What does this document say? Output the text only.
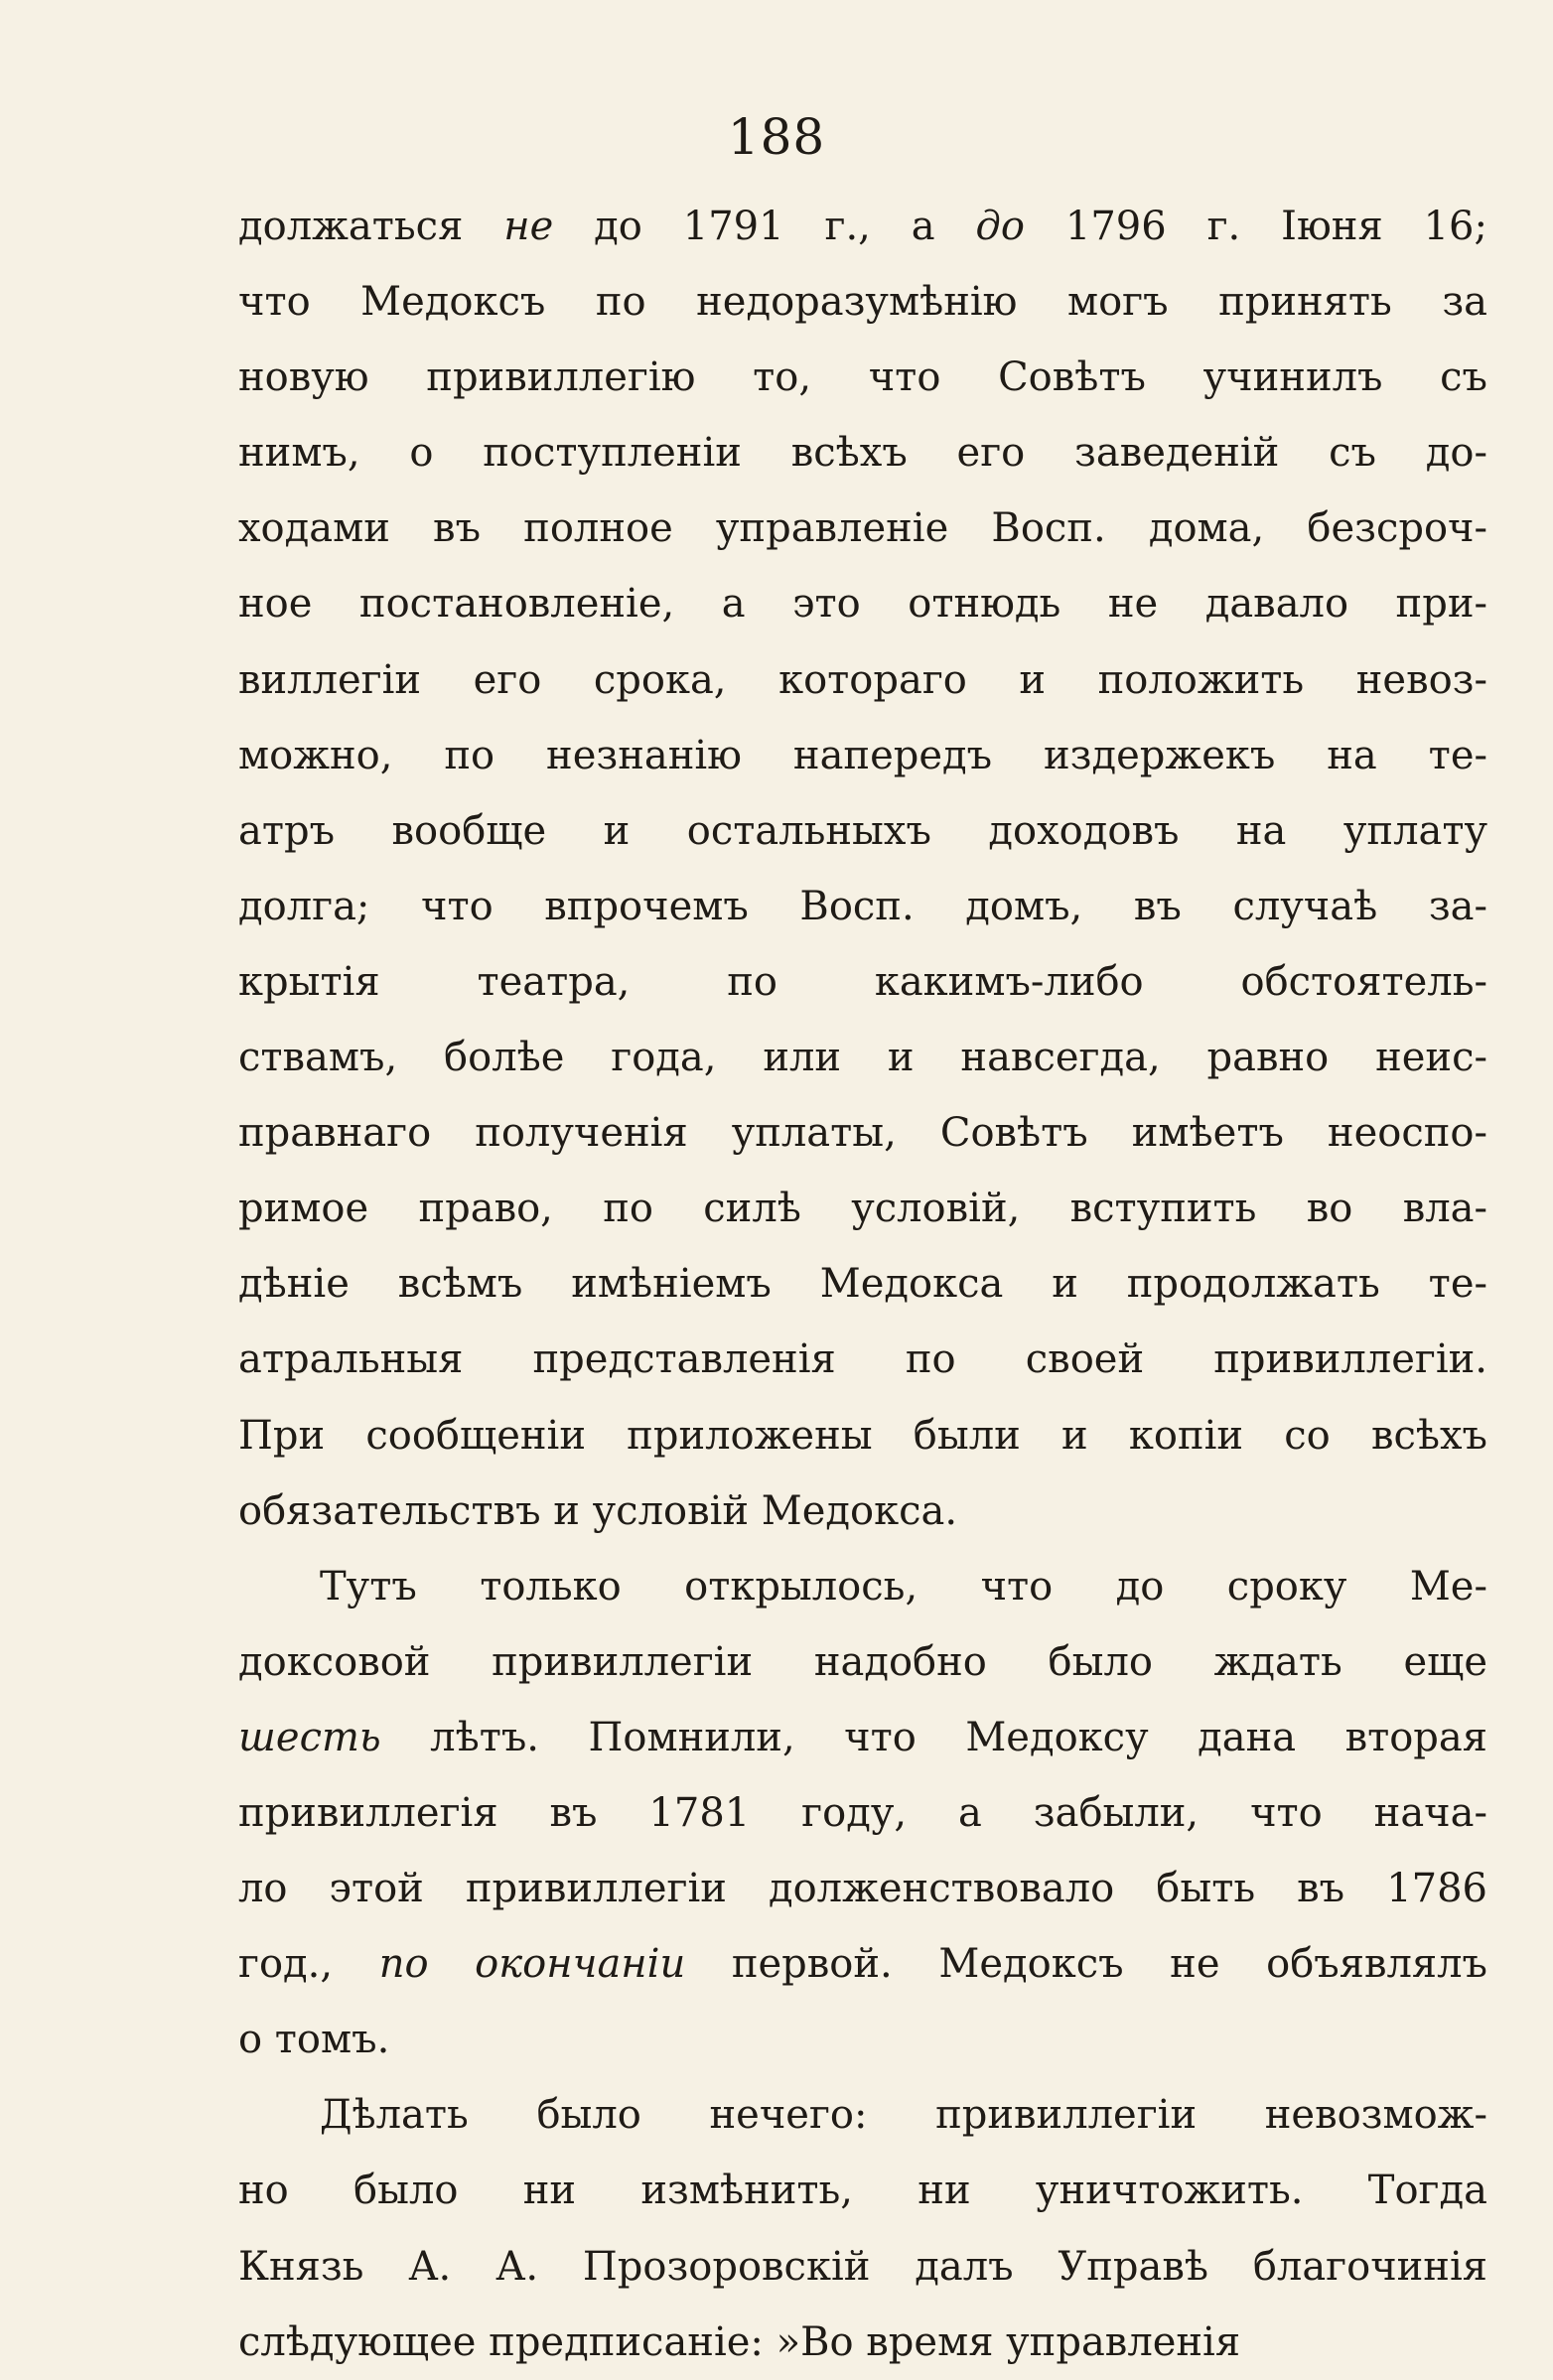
188
должаться не до 1791 г., а до 1796 г. Іюня 16;
что Медоксъ по недоразумѣнію могъ принять за
новую привиллегію то, что Совѣтъ учинилъ съ
нимъ, о поступленіи всѣхъ его заведеній съ до-
ходами въ полное управленіе Восп. дома, безсроч-
ное постановленіе, а это отнюдь не давало при-
виллегіи его срока, котораго и положить невоз-
можно, по незнанію напередъ издержекъ на те-
атръ вообще и остальныхъ доходовъ на уплату
долга; что впрочемъ Восп. домъ, въ случаѣ за-
крытія театра, по какимъ-либо обстоятель-
ствамъ, болѣе года, или и навсегда, равно неис-
правнаго полученія уплаты, Совѣтъ имѣетъ неоспо-
римое право, по силѣ условій, вступить во вла-
дѣніе всѣмъ имѣніемъ Медокса и продолжать те-
атральныя представленія по своей привиллегіи.
При сообщеніи приложены были и копіи со всѣхъ
обязательствъ и условій Медокса.
Тутъ только открылось, что до сроку Ме-
доксовой привиллегіи надобно было ждать еще
шесть лѣтъ. Помнили, что Медоксу дана вторая
привиллегія въ 1781 году, а забыли, что нача-
ло этой привиллегіи долженствовало быть въ 1786
год., по окончаніи первой. Медоксъ не объявлялъ
о томъ.
Дѣлать было нечего: привиллегіи невозмож-
но было ни измѣнить, ни уничтожить. Тогда
Князь А. А. Прозоровскій далъ Управѣ благочинія
слѣдующее предписаніе: »Во время управленія
